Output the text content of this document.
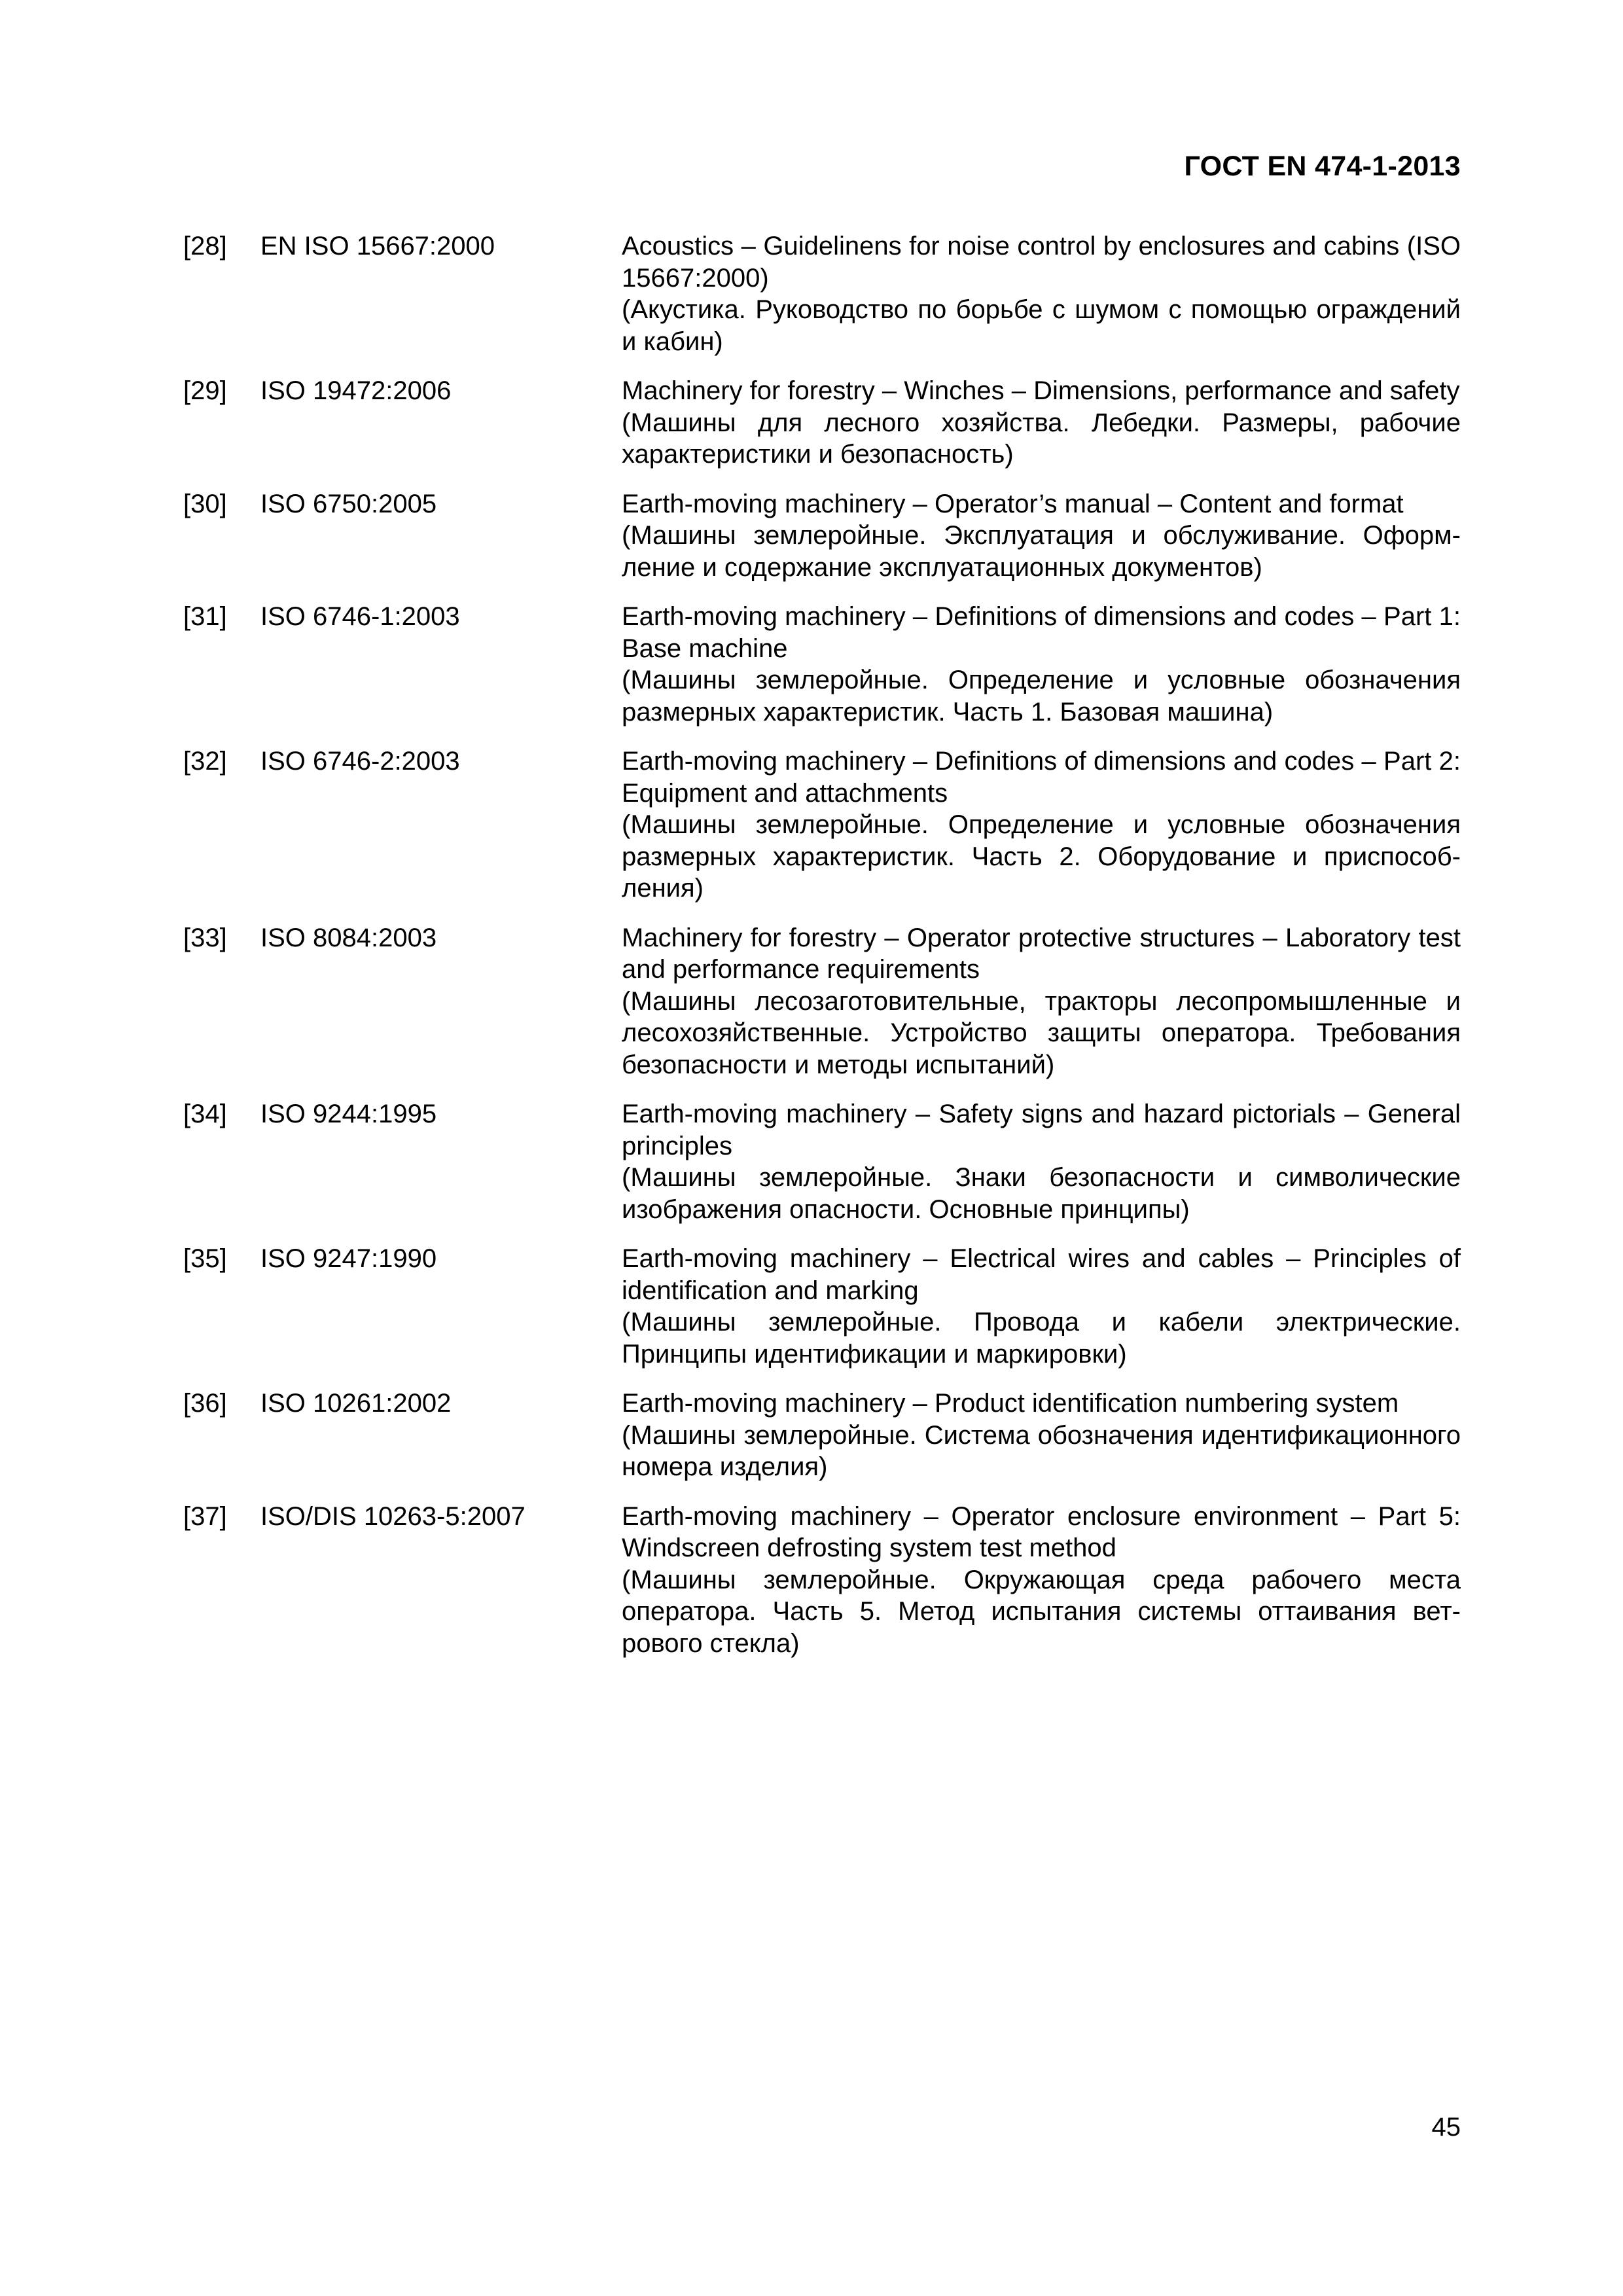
ГОСТ EN 474-1-2013
[28]	EN ISO 15667:2000	Acoustics – Guidelinens for noise control by enclosures and cabins (ISO 15667:2000)
(Акустика. Руководство по борьбе с шумом с помощью ограждений и кабин)
[29]	ISO 19472:2006	Machinery for forestry – Winches – Dimensions, performance and safety
(Машины для лесного хозяйства. Лебедки. Размеры, рабочие характеристики и безопасность)
[30]	ISO 6750:2005	Earth-moving machinery – Operator’s manual – Content and format
(Машины землеройные. Эксплуатация и обслуживание. Оформление и содержание эксплуатационных документов)
[31]	ISO 6746-1:2003	Earth-moving machinery – Definitions of dimensions and codes – Part 1: Base machine
(Машины землеройные. Определение и условные обозначения размерных характеристик. Часть 1. Базовая машина)
[32]	ISO 6746-2:2003	Earth-moving machinery – Definitions of dimensions and codes – Part 2: Equipment and attachments
(Машины землеройные. Определение и условные обозначения размерных характеристик. Часть 2. Оборудование и приспособления)
[33]	ISO 8084:2003	Machinery for forestry – Operator protective structures – Laboratory test and performance requirements
(Машины лесозаготовительные, тракторы лесопромышленные и лесохозяйственные. Устройство защиты оператора. Требования безопасности и методы испытаний)
[34]	ISO 9244:1995	Earth-moving machinery – Safety signs and hazard pictorials – General principles
(Машины землеройные. Знаки безопасности и символические изображения опасности. Основные принципы)
[35]	ISO 9247:1990	Earth-moving machinery – Electrical wires and cables – Principles of identification and marking
(Машины землеройные. Провода и кабели электрические. Принципы идентификации и маркировки)
[36]	ISO 10261:2002	Earth-moving machinery – Product identification numbering system
(Машины землеройные. Система обозначения идентификационного номера изделия)
[37]	ISO/DIS 10263-5:2007	Earth-moving machinery – Operator enclosure environment – Part 5: Windscreen defrosting system test method
(Машины землеройные. Окружающая среда рабочего места оператора. Часть 5. Метод испытания системы оттаивания ветрового стекла)
45
